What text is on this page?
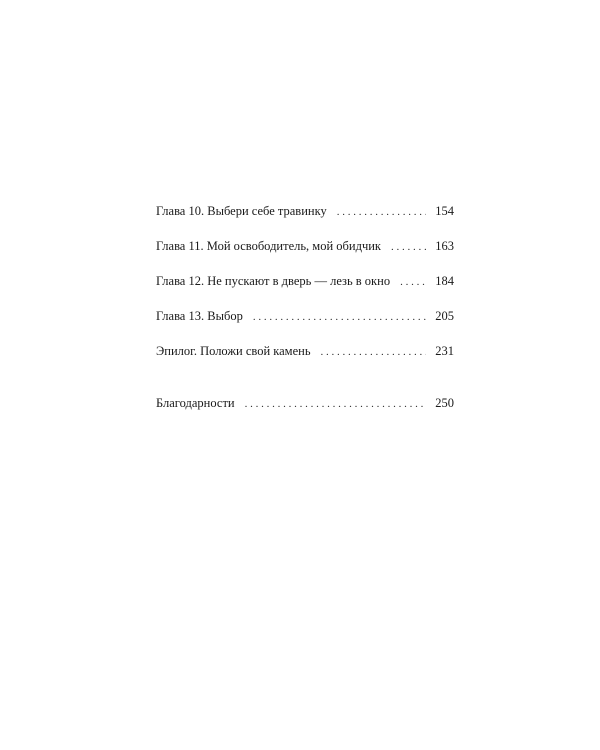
Глава 10. Выбери себе травинку . . .	154
Глава 11. Мой освободитель, мой обидчик . . .	163
Глава 12. Не пускают в дверь — лезь в окно . . .	184
Глава 13. Выбор . . .	205
Эпилог. Положи свой камень . . .	231
Благодарности . . .	250
